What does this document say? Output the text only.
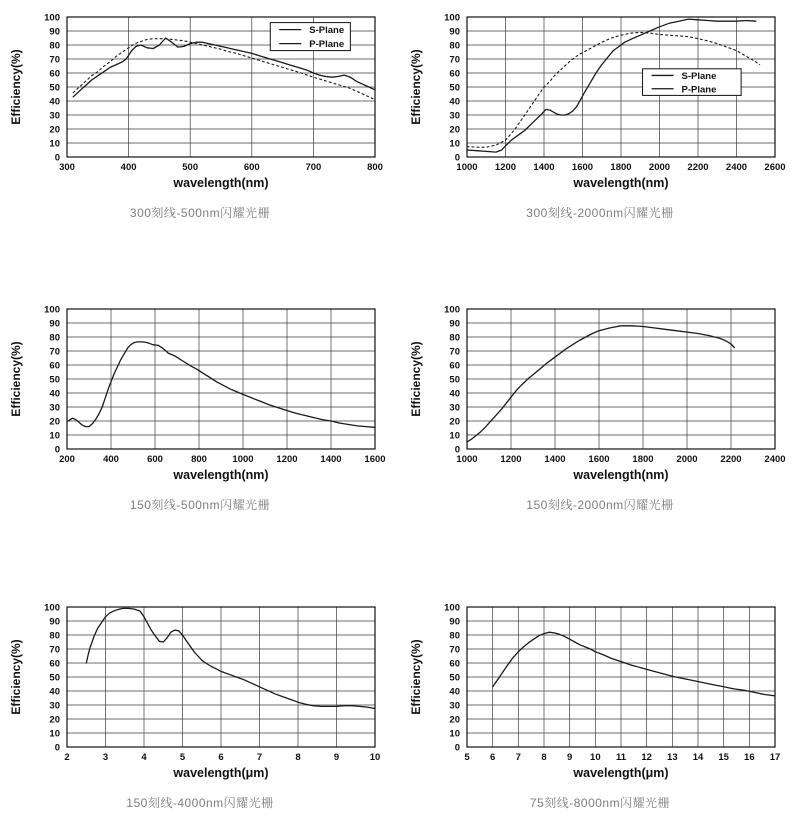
0
10
20
30
40
50
60
70
80
90
100
300	400	500	600	700	800
wavelength(nm)
Efficiency(%)
S-Plane
P-Plane
300刻线-500nm闪耀光栅
0
10
20
30
40
50
60
70
80
90
100
1000 1200 1400 1600 1800 2000 2200 2400 2600
wavelength(nm)
Efficiency(%)	S-Plane
P-Plane
300刻线-2000nm闪耀光栅
0
10
20
30
40
50
60
70
80
90
100
200	400	600	800	1000 1200 1400 1600
wavelength(nm)
Efficiency(%)
150刻线-500nm闪耀光栅
0
10
20
30
40
50
60
70
80
90
100
1000 1200 1400 1600 1800 2000 2200 2400
wavelength(nm)
Efficiency(%)
150刻线-2000nm闪耀光栅
0
10
20
30
40
50
60
70
80
90
100
2	3	4	5	6	7	8	9	10
wavelength(μm)
Efficiency(%)
150刻线-4000nm闪耀光栅
0
10
20
30
40
50
60
70
80
90
100
5 6 7 8 9 10 11 12 13 14 15 16 17
wavelength(μm)
Efficiency(%)
75刻线-8000nm闪耀光栅
